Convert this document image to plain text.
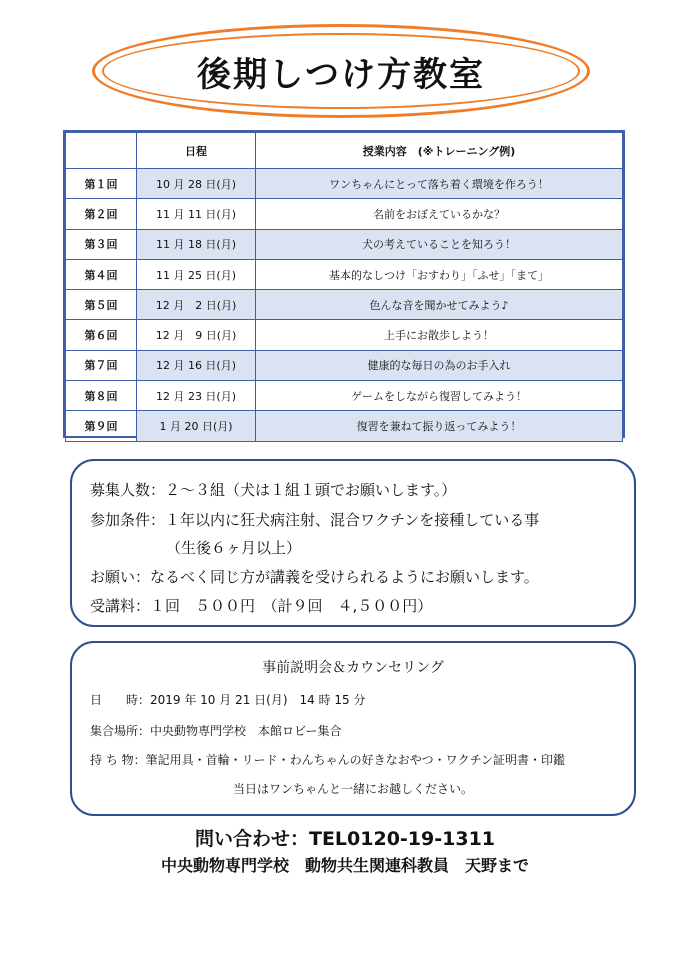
後期しつけ方教室
	日程	授業内容　(※トレーニング例)
第１回	10 月 28 日(月)	ワンちゃんにとって落ち着く環境を作ろう！
第２回	11 月 11 日(月)	名前をおぼえているかな？
第３回	11 月 18 日(月)	犬の考えていることを知ろう！
第４回	11 月 25 日(月)	基本的なしつけ「おすわり」「ふせ」「まて」
第５回	12 月　2 日(月)	色んな音を聞かせてみよう♪
第６回	12 月　9 日(月)	上手にお散歩しよう！
第７回	12 月 16 日(月)	健康的な毎日の為のお手入れ
第８回	12 月 23 日(月)	ゲームをしながら復習してみよう！
第９回	1 月 20 日(月)	復習を兼ねて振り返ってみよう！
募集人数：２～３組（犬は１組１頭でお願いします。）
参加条件：１年以内に狂犬病注射、混合ワクチンを接種している事
（生後６ヶ月以上）
お願い：なるべく同じ方が講義を受けられるようにお願いします。
受講料：１回　５００円　（計９回　４,５００円）
事前説明会＆カウンセリング
日　　時：2019 年 10 月 21 日(月)　14 時 15 分
集合場所：中央動物専門学校　本館ロビー集合
持 ち 物：筆記用具・首輪・リード・わんちゃんの好きなおやつ・ワクチン証明書・印鑑
当日はワンちゃんと一緒にお越しください。
問い合わせ：TEL0120-19-1311
中央動物専門学校　動物共生関連科教員　天野まで
